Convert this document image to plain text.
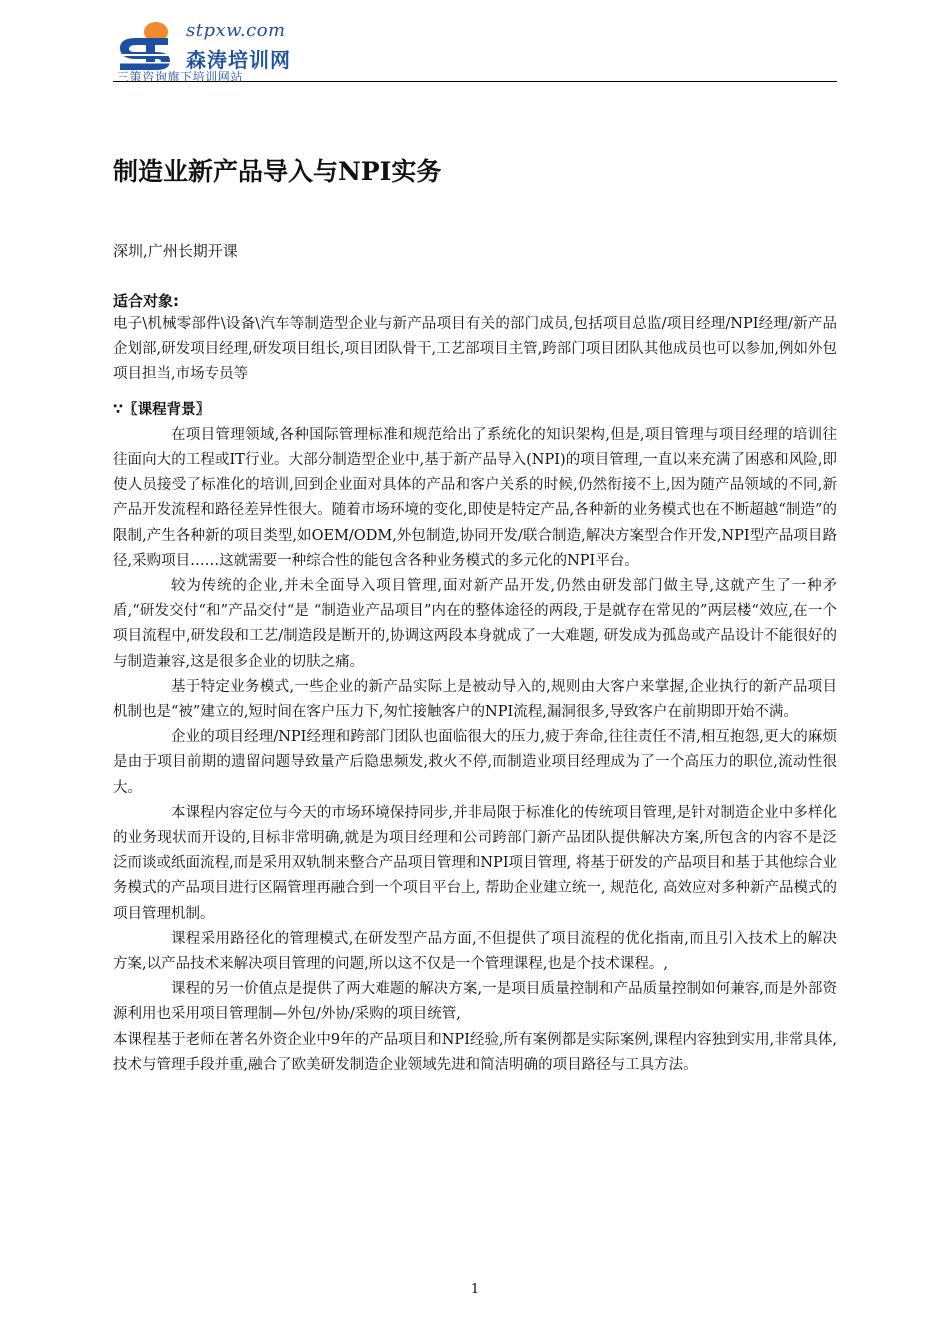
stpxw.com
森涛培训网
三策咨询旗下培训网站
制造业新产品导入与NPI实务
深圳,广州长期开课
适合对象:

电子\机械零部件\设备\汽车等制造型企业与新产品项目有关的部门成员,包括项目总监/项目经理/NPI经理/新产品企划部,研发项目经理,研发项目组长,项目团队骨干,工艺部项目主管,跨部门项目团队其他成员也可以参加,例如外包项目担当,市场专员等

∵〖课程背景〗

在项目管理领域,各种国际管理标准和规范给出了系统化的知识架构,但是,项目管理与项目经理的培训往往面向大的工程或IT行业。大部分制造型企业中,基于新产品导入(NPI)的项目管理,一直以来充满了困惑和风险,即使人员接受了标准化的培训,回到企业面对具体的产品和客户关系的时候,仍然衔接不上,因为随产品领域的不同,新产品开发流程和路径差异性很大。随着市场环境的变化,即使是特定产品,各种新的业务模式也在不断超越“制造”的限制,产生各种新的项目类型,如OEM/ODM,外包制造,协同开发/联合制造,解决方案型合作开发,NPI型产品项目路径,采购项目……这就需要一种综合性的能包含各种业务模式的多元化的NPI平台。

较为传统的企业,并未全面导入项目管理,面对新产品开发,仍然由研发部门做主导,这就产生了一种矛盾,“研发交付“和”产品交付“是 “制造业产品项目”内在的整体途径的两段,于是就存在常见的”两层楼“效应,在一个项目流程中,研发段和工艺/制造段是断开的,协调这两段本身就成了一大难题, 研发成为孤岛或产品设计不能很好的与制造兼容,这是很多企业的切肤之痛。

基于特定业务模式,一些企业的新产品实际上是被动导入的,规则由大客户来掌握,企业执行的新产品项目机制也是“被”建立的,短时间在客户压力下,匆忙接触客户的NPI流程,漏洞很多,导致客户在前期即开始不满。

企业的项目经理/NPI经理和跨部门团队也面临很大的压力,疲于奔命,往往责任不清,相互抱怨,更大的麻烦是由于项目前期的遗留问题导致量产后隐患频发,救火不停,而制造业项目经理成为了一个高压力的职位,流动性很大。

本课程内容定位与今天的市场环境保持同步,并非局限于标准化的传统项目管理,是针对制造企业中多样化的业务现状而开设的,目标非常明确,就是为项目经理和公司跨部门新产品团队提供解决方案,所包含的内容不是泛泛而谈或纸面流程,而是采用双轨制来整合产品项目管理和NPI项目管理, 将基于研发的产品项目和基于其他综合业务模式的产品项目进行区隔管理再融合到一个项目平台上, 帮助企业建立统一, 规范化, 高效应对多种新产品模式的项目管理机制。

课程采用路径化的管理模式,在研发型产品方面,不但提供了项目流程的优化指南,而且引入技术上的解决方案,以产品技术来解决项目管理的问题,所以这不仅是一个管理课程,也是个技术课程。,

课程的另一价值点是提供了两大难题的解决方案,一是项目质量控制和产品质量控制如何兼容,而是外部资源利用也采用项目管理制—外包/外协/采购的项目统管,

本课程基于老师在著名外资企业中9年的产品项目和NPI经验,所有案例都是实际案例,课程内容独到实用,非常具体,技术与管理手段并重,融合了欧美研发制造企业领域先进和简洁明确的项目路径与工具方法。

1
